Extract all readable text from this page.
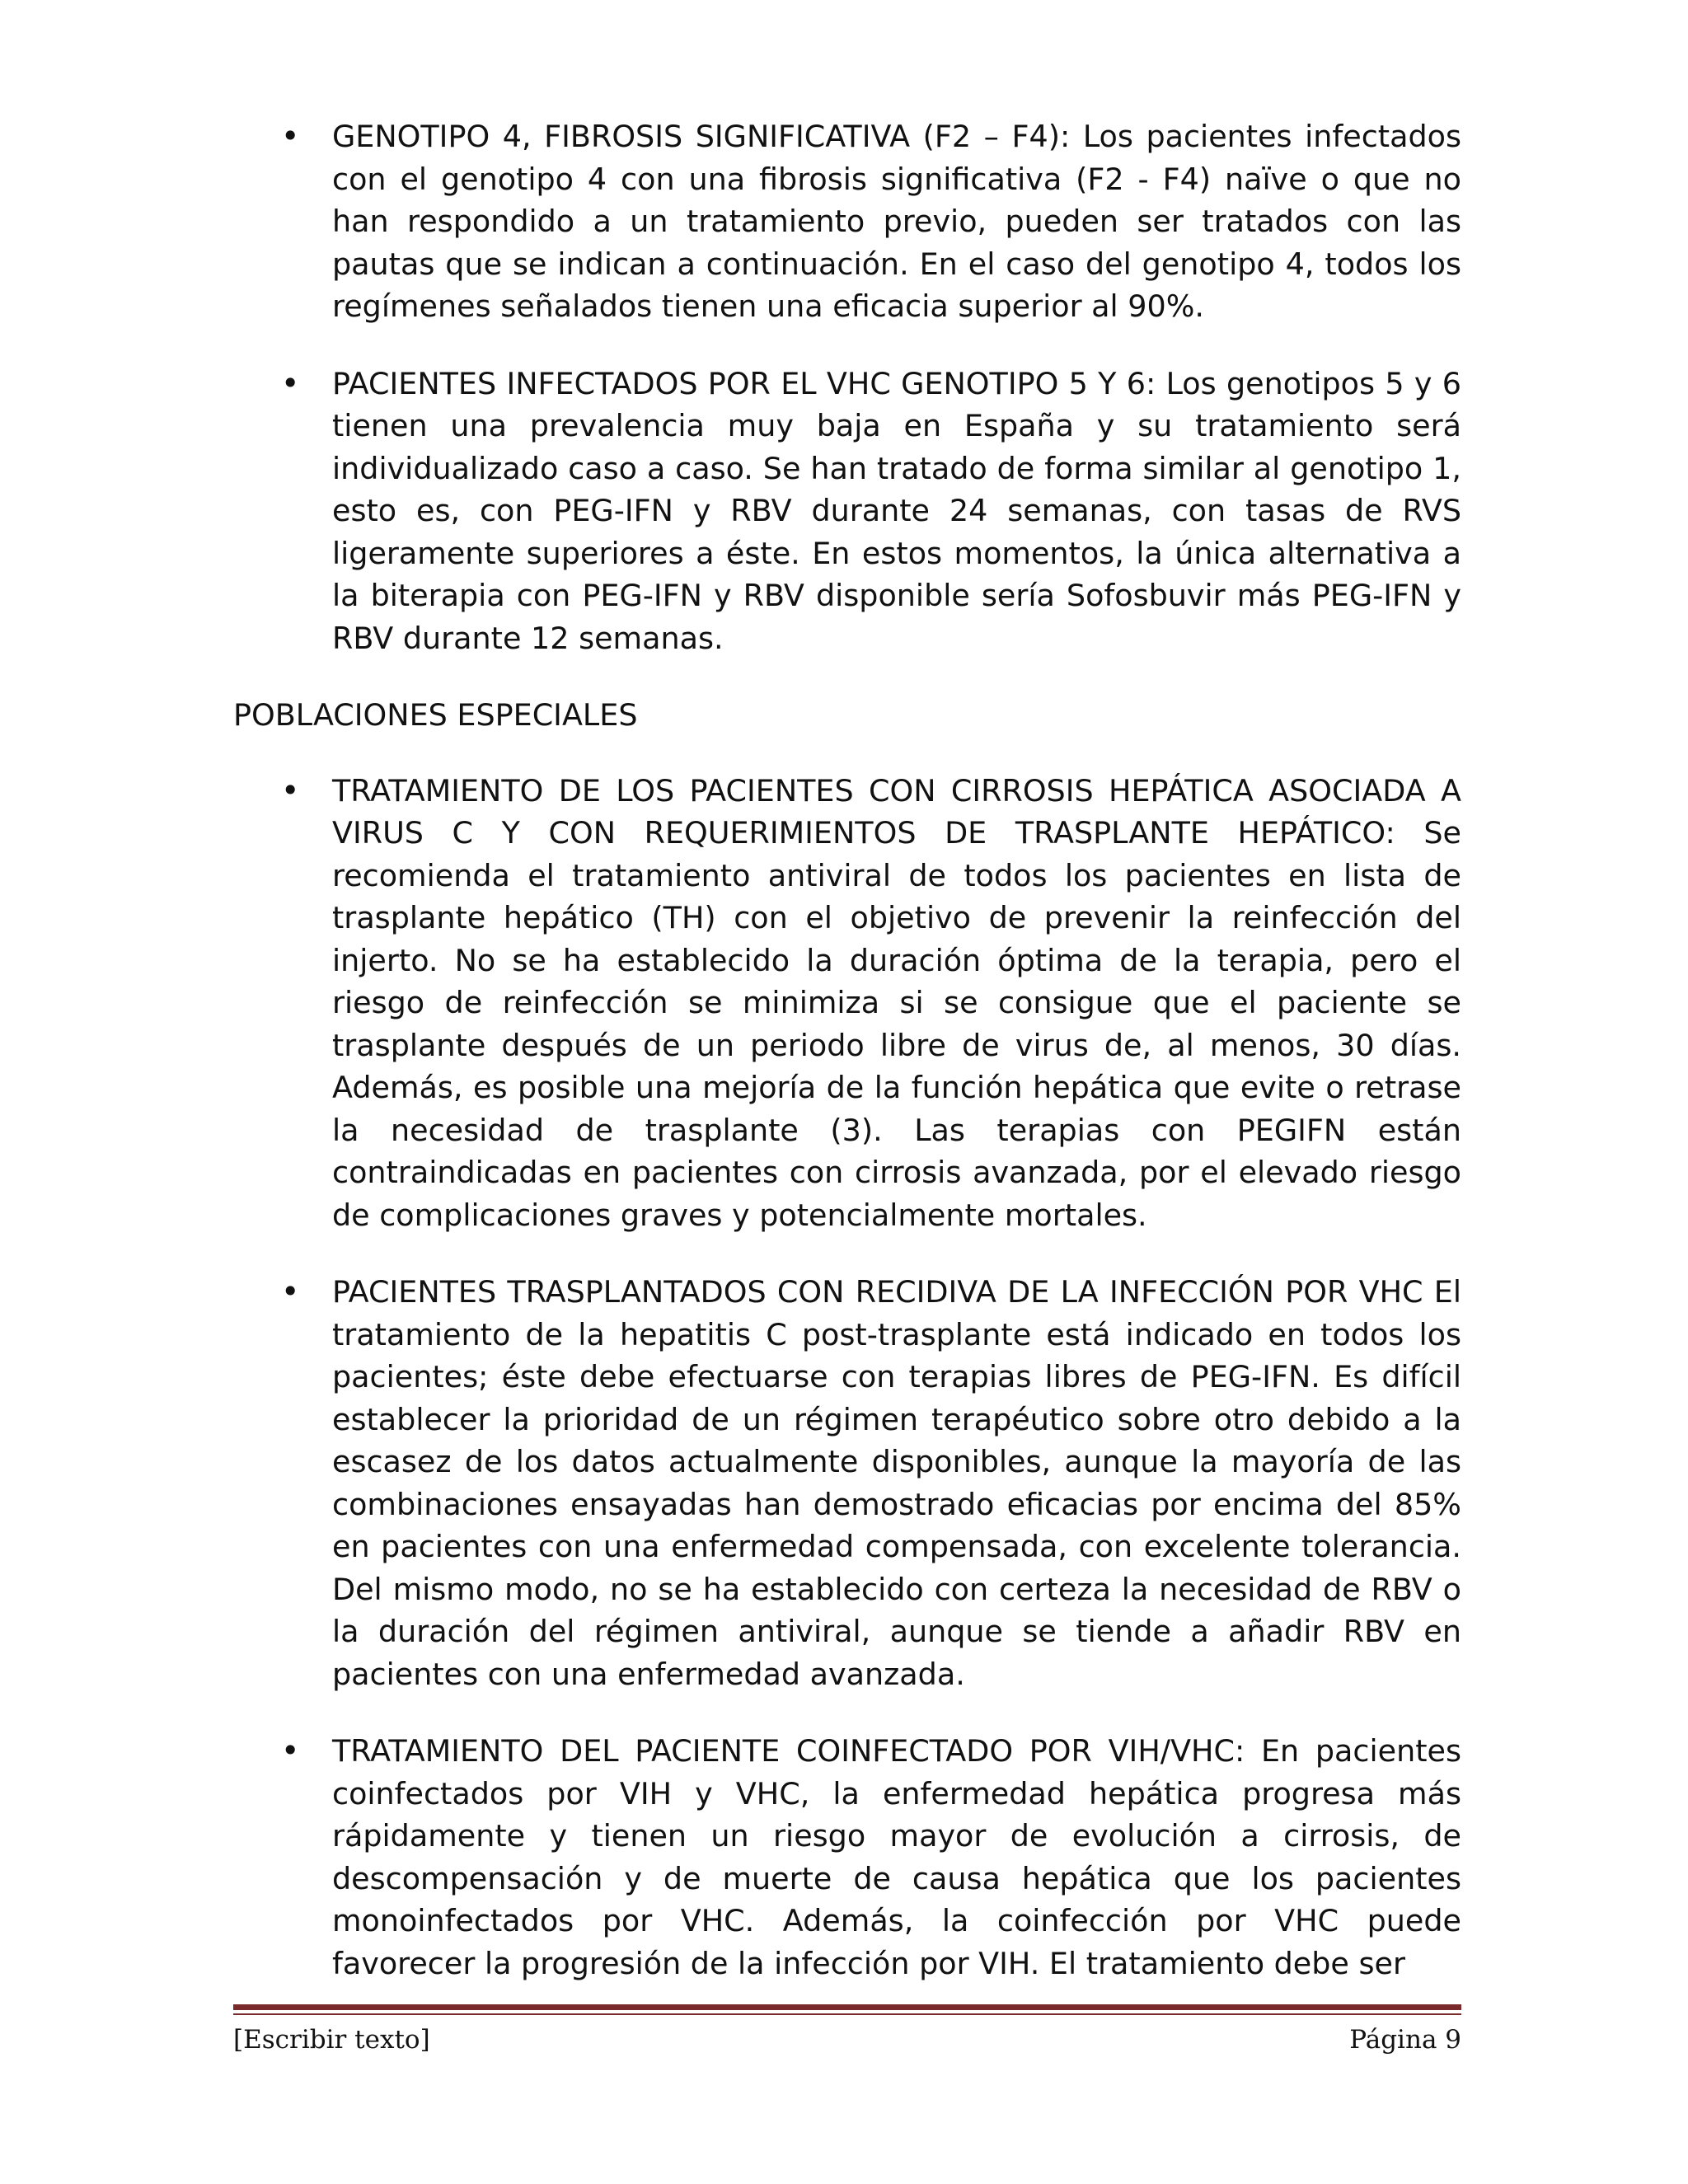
• GENOTIPO 4, FIBROSIS SIGNIFICATIVA (F2 – F4): Los pacientes infectados con el genotipo 4 con una fibrosis significativa (F2 - F4) naïve o que no han respondido a un tratamiento previo, pueden ser tratados con las pautas que se indican a continuación. En el caso del genotipo 4, todos los regímenes señalados tienen una eficacia superior al 90%.

• PACIENTES INFECTADOS POR EL VHC GENOTIPO 5 Y 6: Los genotipos 5 y 6 tienen una prevalencia muy baja en España y su tratamiento será individualizado caso a caso. Se han tratado de forma similar al genotipo 1, esto es, con PEG-IFN y RBV durante 24 semanas, con tasas de RVS ligeramente superiores a éste. En estos momentos, la única alternativa a la biterapia con PEG-IFN y RBV disponible sería Sofosbuvir más PEG-IFN y RBV durante 12 semanas.

POBLACIONES ESPECIALES
• TRATAMIENTO DE LOS PACIENTES CON CIRROSIS HEPÁTICA ASOCIADA A VIRUS C Y CON REQUERIMIENTOS DE TRASPLANTE HEPÁTICO: Se recomienda el tratamiento antiviral de todos los pacientes en lista de trasplante hepático (TH) con el objetivo de prevenir la reinfección del injerto. No se ha establecido la duración óptima de la terapia, pero el riesgo de reinfección se minimiza si se consigue que el paciente se trasplante después de un periodo libre de virus de, al menos, 30 días. Además, es posible una mejoría de la función hepática que evite o retrase la necesidad de trasplante (3). Las terapias con PEGIFN están contraindicadas en pacientes con cirrosis avanzada, por el elevado riesgo de complicaciones graves y potencialmente mortales.

• PACIENTES TRASPLANTADOS CON RECIDIVA DE LA INFECCIÓN POR VHC El tratamiento de la hepatitis C post-trasplante está indicado en todos los pacientes; éste debe efectuarse con terapias libres de PEG-IFN. Es difícil establecer la prioridad de un régimen terapéutico sobre otro debido a la escasez de los datos actualmente disponibles, aunque la mayoría de las combinaciones ensayadas han demostrado eficacias por encima del 85% en pacientes con una enfermedad compensada, con excelente tolerancia. Del mismo modo, no se ha establecido con certeza la necesidad de RBV o la duración del régimen antiviral, aunque se tiende a añadir RBV en pacientes con una enfermedad avanzada.

• TRATAMIENTO DEL PACIENTE COINFECTADO POR VIH/VHC: En pacientes coinfectados por VIH y VHC, la enfermedad hepática progresa más rápidamente y tienen un riesgo mayor de evolución a cirrosis, de descompensación y de muerte de causa hepática que los pacientes monoinfectados por VHC. Además, la coinfección por VHC puede favorecer la progresión de la infección por VIH. El tratamiento debe ser

[Escribir texto]	Página 9
